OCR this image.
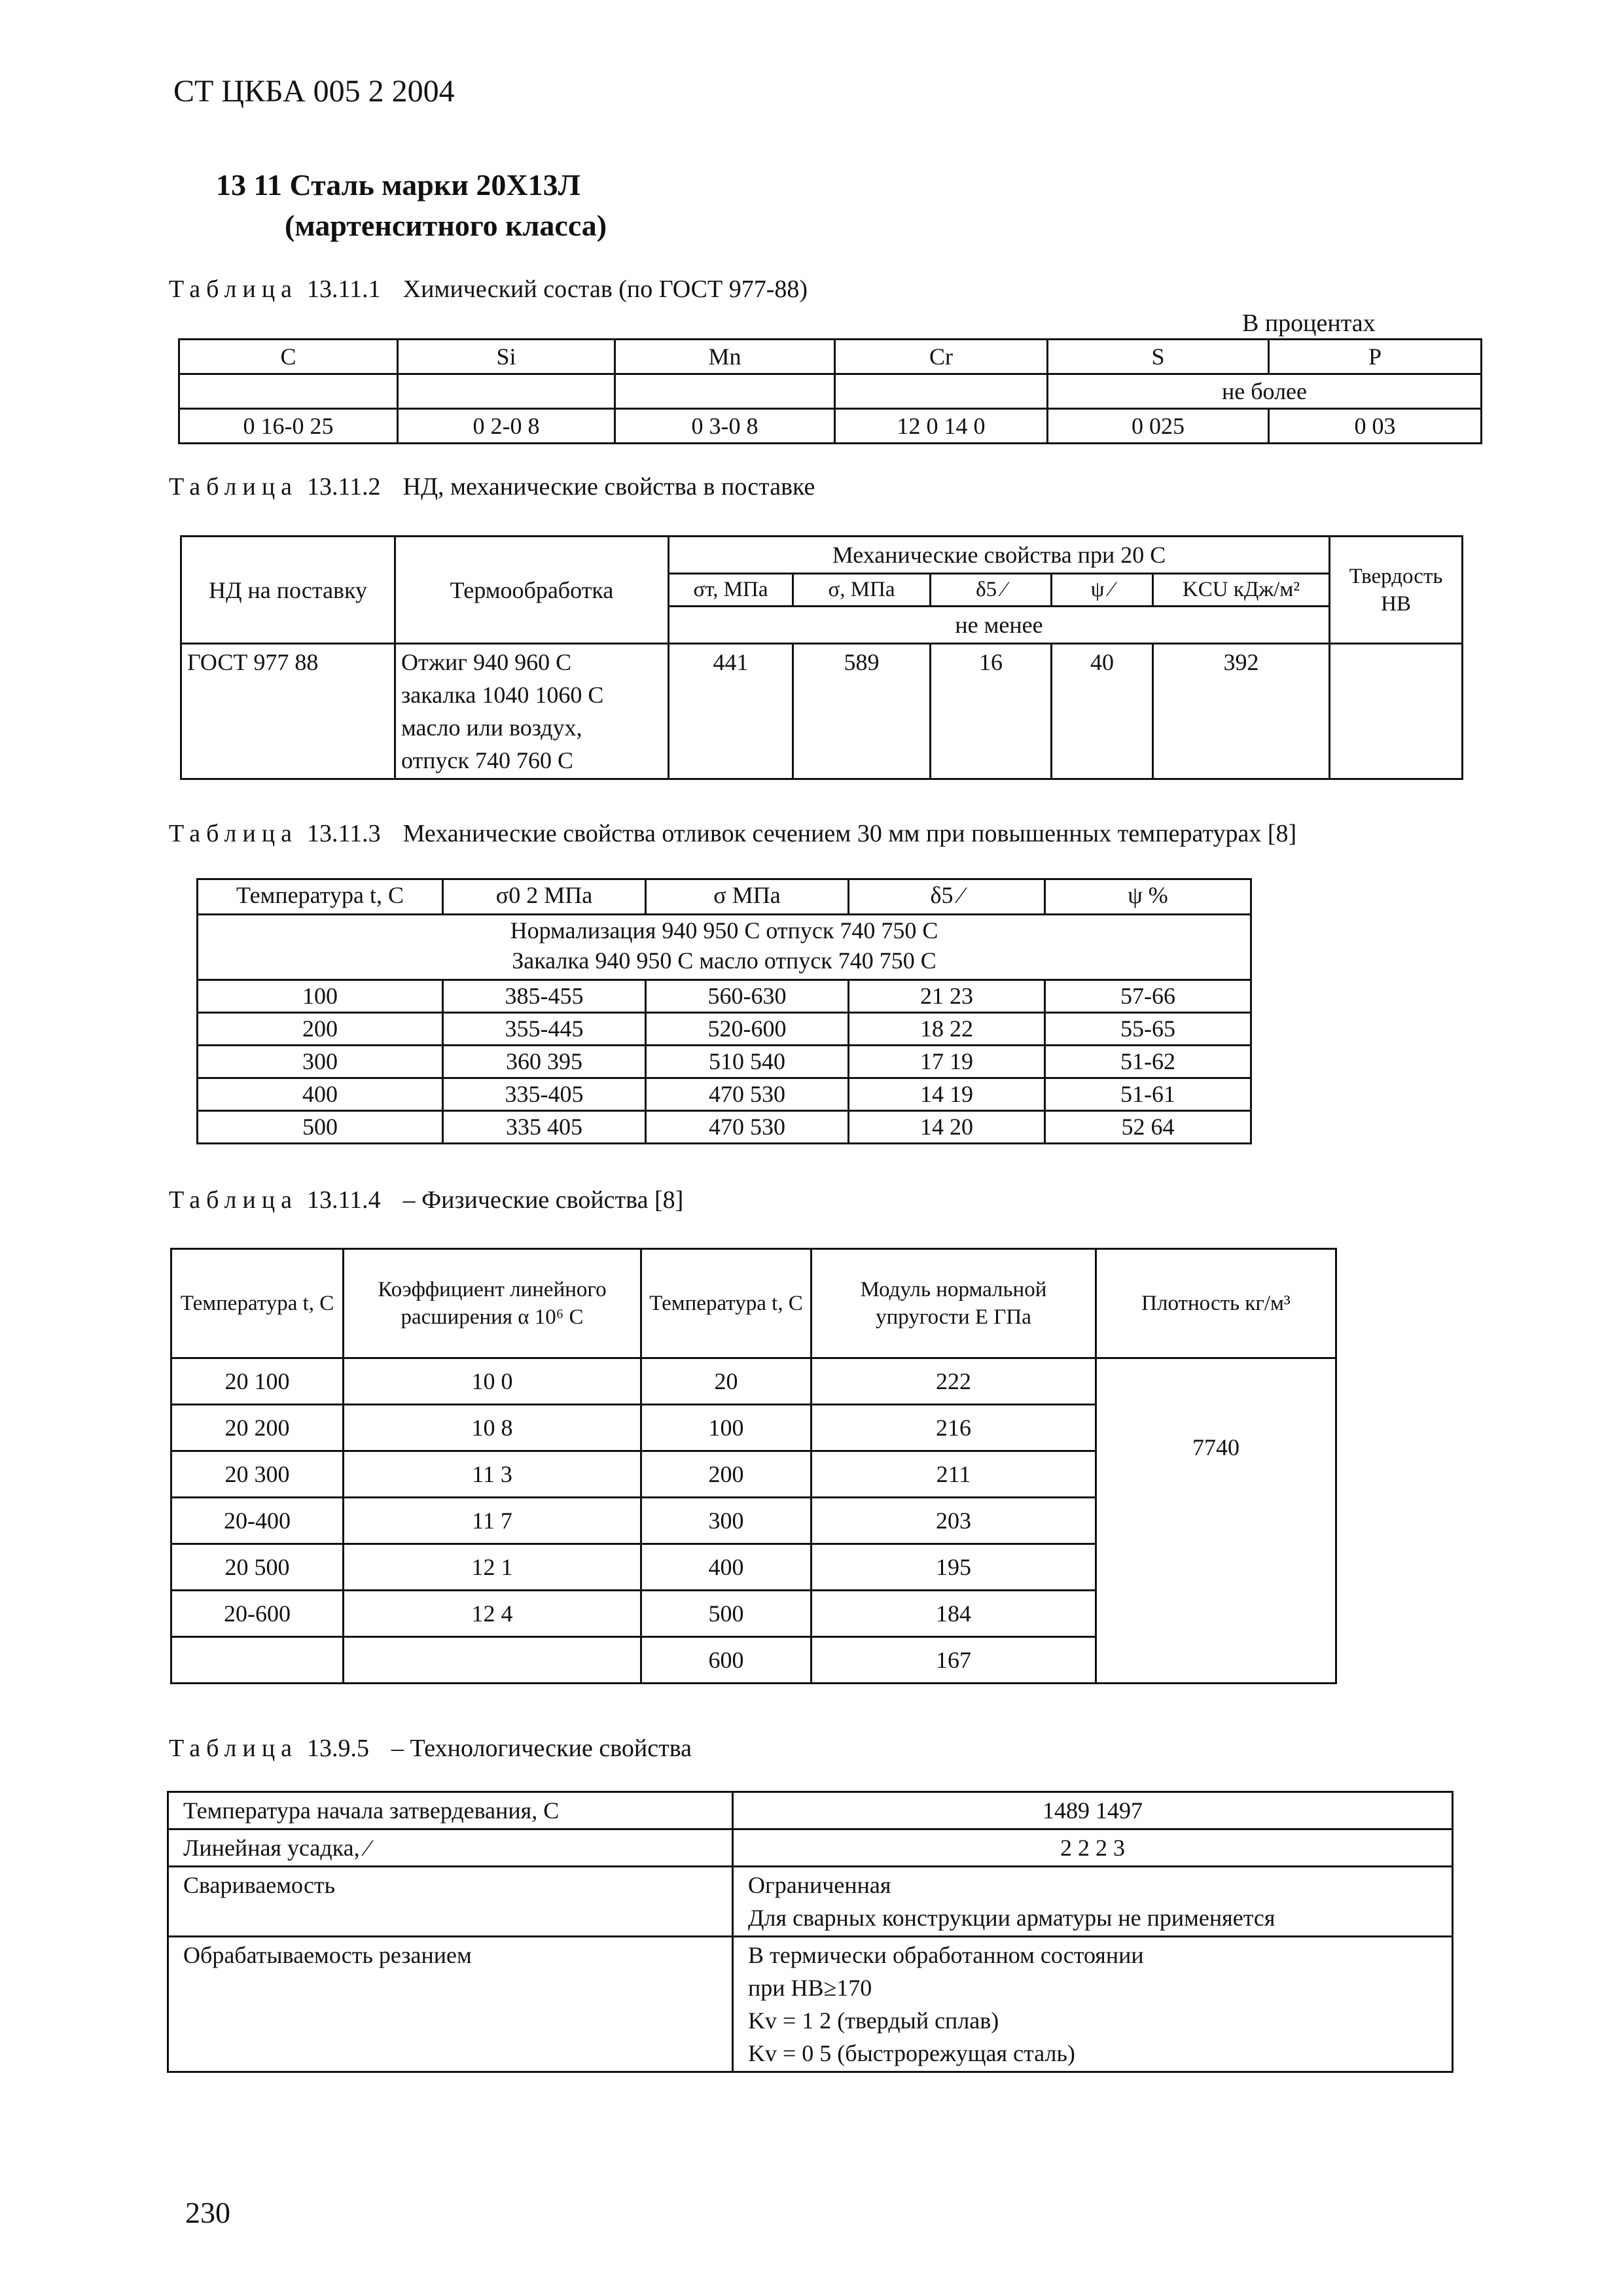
СТ ЦКБА 005 2 2004
13 11 Сталь марки 20Х13Л
(мартенситного класса)
Таблица 13.11.1 Химический состав (по ГОСТ 977-88)
В процентах
C	Si	Mn	Cr	S	P
				не более	
0 16-0 25	0 2-0 8	0 3-0 8	12 0 14 0	0 025	0 03
Таблица 13.11.2 НД, механические свойства в поставке
НД на поставку	Термообработка	Механические свойства при 20 С					Твердость НВ
		σт, МПа	σ, МПа	δ5 ⁄	ψ ⁄	KCU кДж/м²	
		не менее					
ГОСТ 977 88	Отжиг 940 960 С
закалка 1040 1060 С
масло или воздух,
отпуск 740 760 С	441	589	16	40	392	
Таблица 13.11.3 Механические свойства отливок сечением 30 мм при повышенных температурах [8]
Температура t, С	σ0 2 МПа	σ МПа	δ5 ⁄	ψ %

Нормализация 940 950 С отпуск 740 750 С
Закалка 940 950 С масло отпуск 740 750 С				

100	385-455	560-630	21 23	57-66
200	355-445	520-600	18 22	55-65
300	360 395	510 540	17 19	51-62
400	335-405	470 530	14 19	51-61
500	335 405	470 530	14 20	52 64
Таблица 13.11.4 – Физические свойства [8]
Температура t, С	Коэффициент линейного расширения α 10⁶ С	Температура t, С	Модуль нормальной упругости Е ГПа	Плотность кг/м³
20 100	10 0	20	222	7740
20 200	10 8	100	216	
20 300	11 3	200	211	
20-400	11 7	300	203	
20 500	12 1	400	195	
20-600	12 4	500	184	
		600	167	
Таблица 13.9.5 – Технологические свойства
Температура начала затвердевания, С	1489 1497
Линейная усадка, ⁄	2 2 2 3
Свариваемость	Ограниченная
Для сварных конструкции арматуры не применяется

Обрабатываемость резанием	В термически обработанном состоянии
при НВ≥170
Kv = 1 2 (твердый сплав)
Kv = 0 5 (быстрорежущая сталь)
230
